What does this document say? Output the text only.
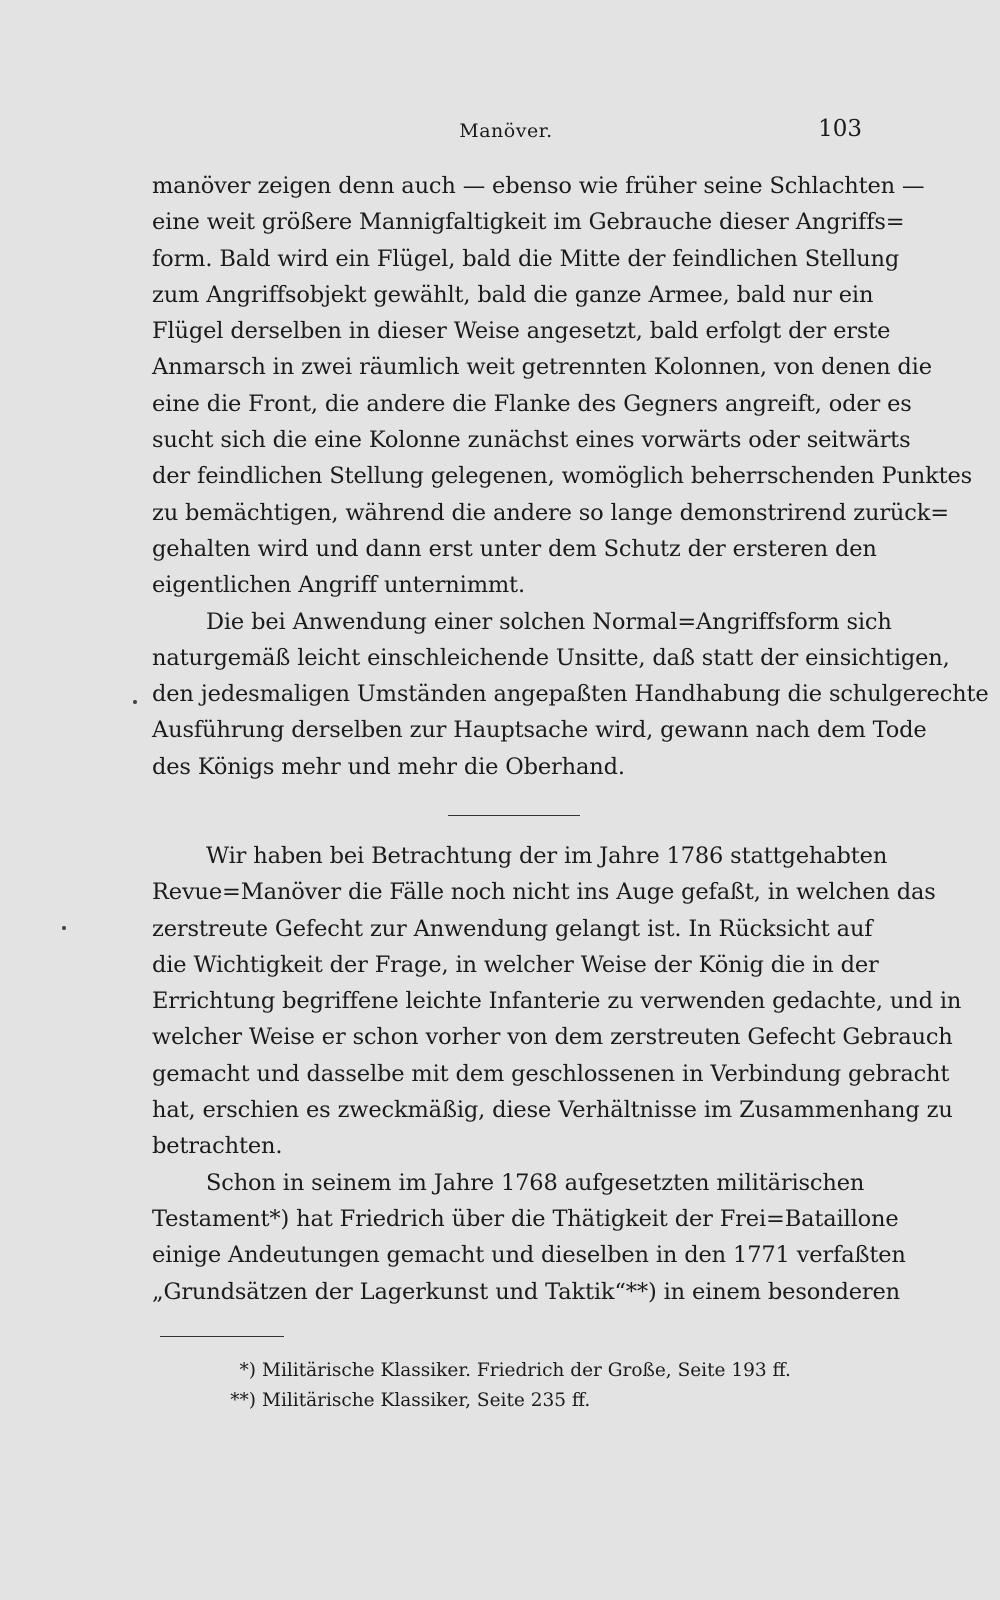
Manöver.	103
manöver zeigen denn auch — ebenso wie früher seine Schlachten —
eine weit größere Mannigfaltigkeit im Gebrauche dieser Angriffs=
form. Bald wird ein Flügel, bald die Mitte der feindlichen Stellung
zum Angriffsobjekt gewählt, bald die ganze Armee, bald nur ein
Flügel derselben in dieser Weise angesetzt, bald erfolgt der erste
Anmarsch in zwei räumlich weit getrennten Kolonnen, von denen die
eine die Front, die andere die Flanke des Gegners angreift, oder es
sucht sich die eine Kolonne zunächst eines vorwärts oder seitwärts
der feindlichen Stellung gelegenen, womöglich beherrschenden Punktes
zu bemächtigen, während die andere so lange demonstrirend zurück=
gehalten wird und dann erst unter dem Schutz der ersteren den
eigentlichen Angriff unternimmt.
Die bei Anwendung einer solchen Normal=Angriffsform sich
naturgemäß leicht einschleichende Unsitte, daß statt der einsichtigen,
den jedesmaligen Umständen angepaßten Handhabung die schulgerechte
Ausführung derselben zur Hauptsache wird, gewann nach dem Tode
des Königs mehr und mehr die Oberhand.
Wir haben bei Betrachtung der im Jahre 1786 stattgehabten
Revue=Manöver die Fälle noch nicht ins Auge gefaßt, in welchen das
zerstreute Gefecht zur Anwendung gelangt ist. In Rücksicht auf
die Wichtigkeit der Frage, in welcher Weise der König die in der
Errichtung begriffene leichte Infanterie zu verwenden gedachte, und in
welcher Weise er schon vorher von dem zerstreuten Gefecht Gebrauch
gemacht und dasselbe mit dem geschlossenen in Verbindung gebracht
hat, erschien es zweckmäßig, diese Verhältnisse im Zusammenhang zu
betrachten.
Schon in seinem im Jahre 1768 aufgesetzten militärischen
Testament*) hat Friedrich über die Thätigkeit der Frei=Bataillone
einige Andeutungen gemacht und dieselben in den 1771 verfaßten
„Grundsätzen der Lagerkunst und Taktik“**) in einem besonderen
*) Militärische Klassiker. Friedrich der Große, Seite 193 ff.
**) Militärische Klassiker, Seite 235 ff.
